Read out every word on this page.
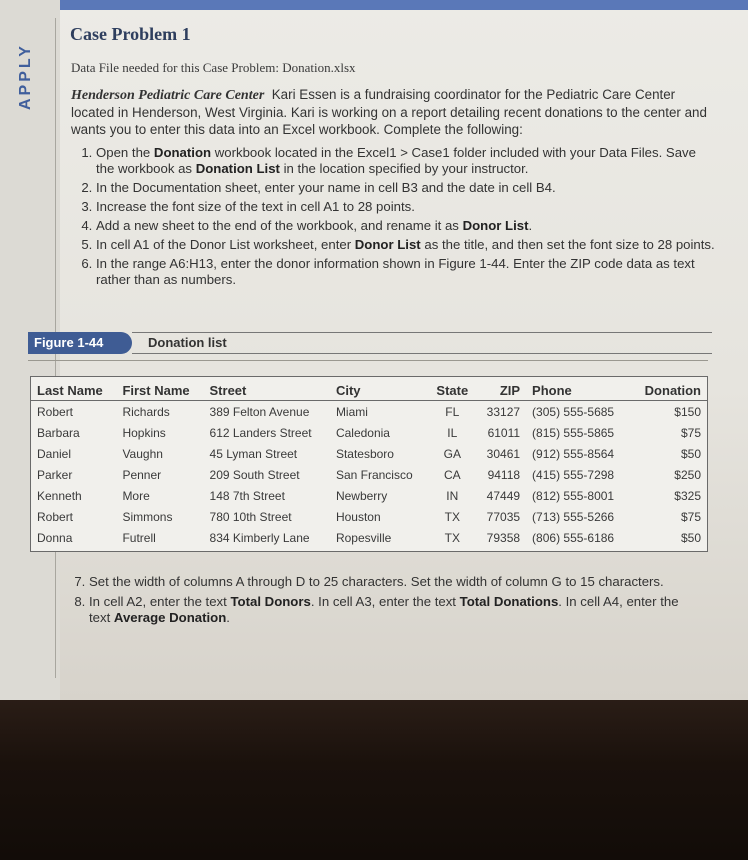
APPLY
Case Problem 1
Data File needed for this Case Problem: Donation.xlsx
Henderson Pediatric Care Center Kari Essen is a fundraising coordinator for the Pediatric Care Center located in Henderson, West Virginia. Kari is working on a report detailing recent donations to the center and wants you to enter this data into an Excel workbook. Complete the following:
1. Open the Donation workbook located in the Excel1 > Case1 folder included with your Data Files. Save the workbook as Donation List in the location specified by your instructor.
2. In the Documentation sheet, enter your name in cell B3 and the date in cell B4.
3. Increase the font size of the text in cell A1 to 28 points.
4. Add a new sheet to the end of the workbook, and rename it as Donor List.
5. In cell A1 of the Donor List worksheet, enter Donor List as the title, and then set the font size to 28 points.
6. In the range A6:H13, enter the donor information shown in Figure 1-44. Enter the ZIP code data as text rather than as numbers.
Figure 1-44	Donation list
Last Name	First Name	Street	City	State	ZIP	Phone	Donation
Robert	Richards	389 Felton Avenue	Miami	FL	33127	(305) 555-5685	$150
Barbara	Hopkins	612 Landers Street	Caledonia	IL	61011	(815) 555-5865	$75
Daniel	Vaughn	45 Lyman Street	Statesboro	GA	30461	(912) 555-8564	$50
Parker	Penner	209 South Street	San Francisco	CA	94118	(415) 555-7298	$250
Kenneth	More	148 7th Street	Newberry	IN	47449	(812) 555-8001	$325
Robert	Simmons	780 10th Street	Houston	TX	77035	(713) 555-5266	$75
Donna	Futrell	834 Kimberly Lane	Ropesville	TX	79358	(806) 555-6186	$50
7. Set the width of columns A through D to 25 characters. Set the width of column G to 15 characters.
8. In cell A2, enter the text Total Donors. In cell A3, enter the text Total Donations. In cell A4, enter the text Average Donation.
